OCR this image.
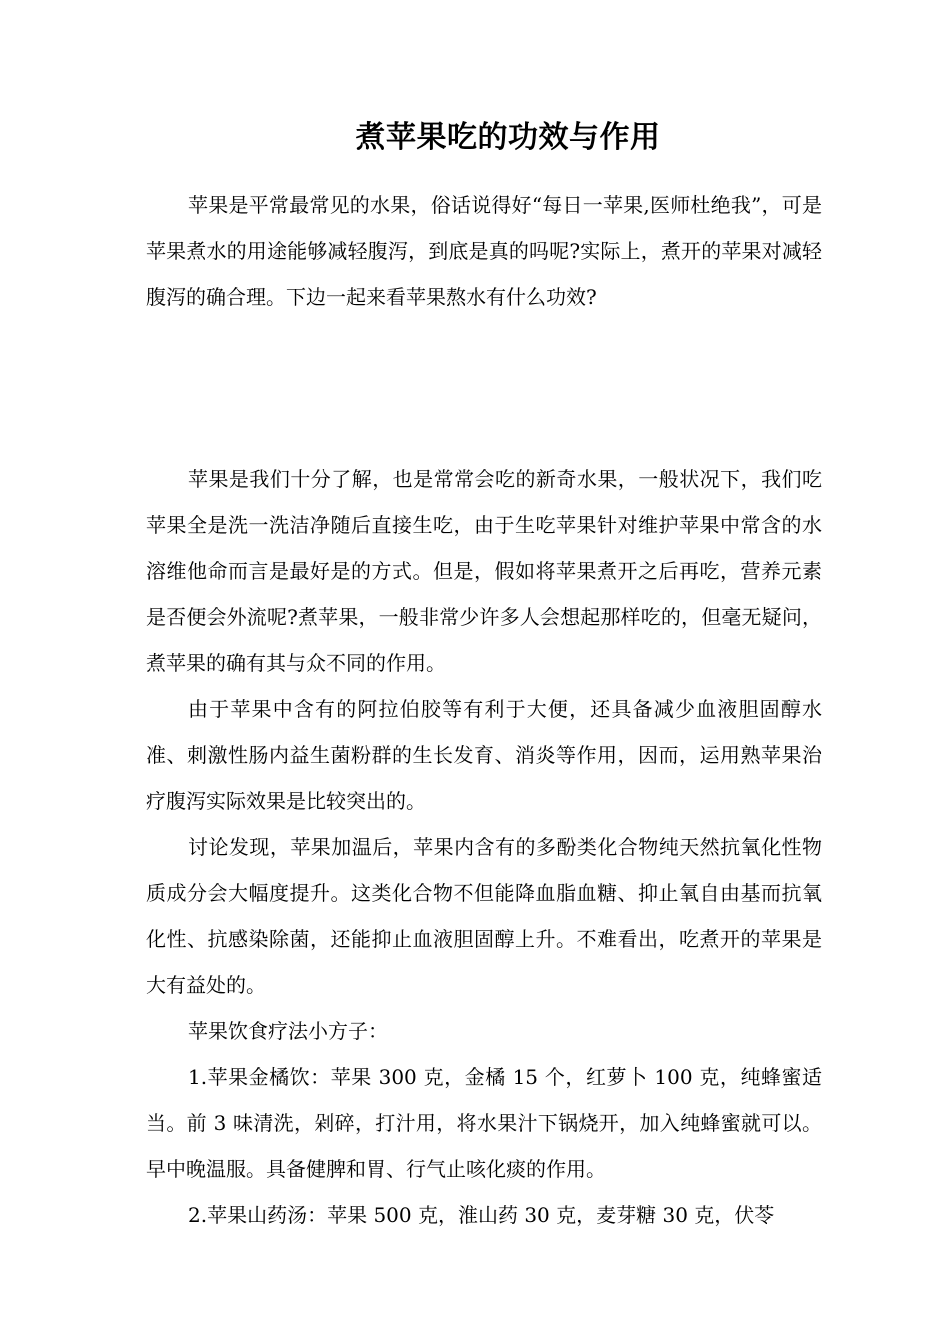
煮苹果吃的功效与作用

苹果是平常最常见的水果，俗话说得好“每日一苹果,医师杜绝我”，可是苹果煮水的用途能够减轻腹泻，到底是真的吗呢?实际上，煮开的苹果对减轻腹泻的确合理。下边一起来看苹果熬水有什么功效?

苹果是我们十分了解，也是常常会吃的新奇水果，一般状况下，我们吃苹果全是洗一洗洁净随后直接生吃，由于生吃苹果针对维护苹果中常含的水溶维他命而言是最好是的方式。但是，假如将苹果煮开之后再吃，营养元素是否便会外流呢?煮苹果，一般非常少许多人会想起那样吃的，但毫无疑问，煮苹果的确有其与众不同的作用。

由于苹果中含有的阿拉伯胶等有利于大便，还具备减少血液胆固醇水准、刺激性肠内益生菌粉群的生长发育、消炎等作用，因而，运用熟苹果治疗腹泻实际效果是比较突出的。

讨论发现，苹果加温后，苹果内含有的多酚类化合物纯天然抗氧化性物质成分会大幅度提升。这类化合物不但能降血脂血糖、抑止氧自由基而抗氧化性、抗感染除菌，还能抑止血液胆固醇上升。不难看出，吃煮开的苹果是大有益处的。

苹果饮食疗法小方子：

1.苹果金橘饮：苹果 300 克，金橘 15 个，红萝卜 100 克，纯蜂蜜适当。前 3 味清洗，剁碎，打汁用，将水果汁下锅烧开，加入纯蜂蜜就可以。早中晚温服。具备健脾和胃、行气止咳化痰的作用。

2.苹果山药汤：苹果 500 克，淮山药 30 克，麦芽糖 30 克，伏苓
